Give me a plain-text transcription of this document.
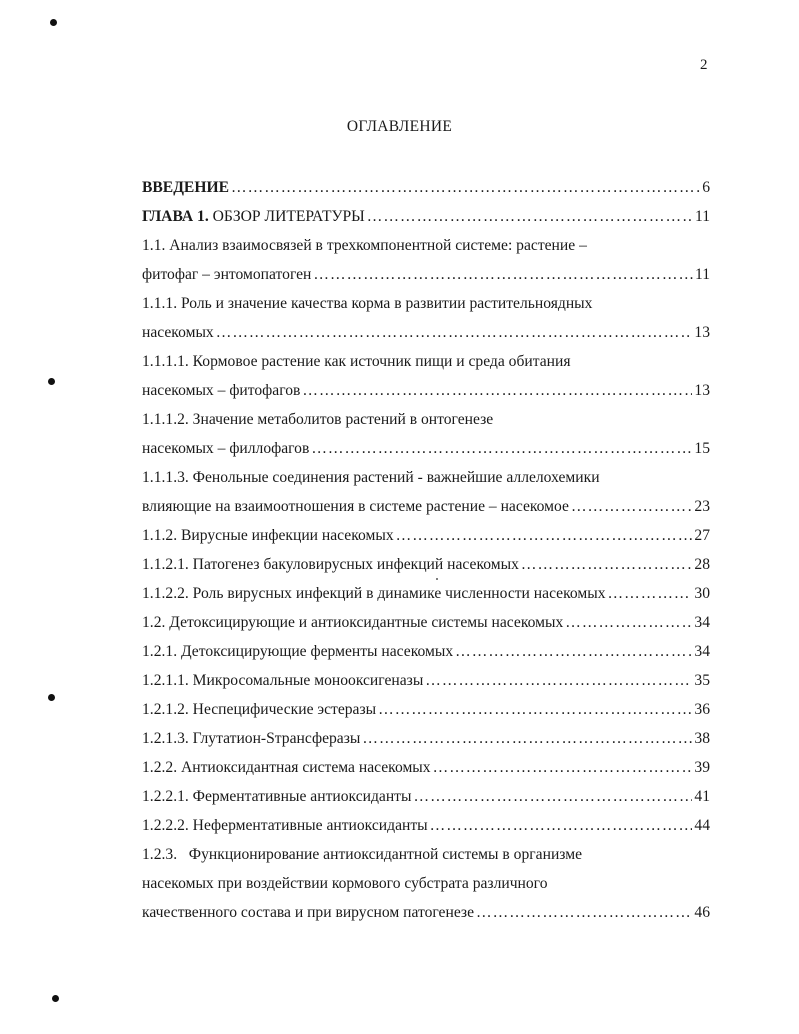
2
ОГЛАВЛЕНИЕ
ВВЕДЕНИЕ ……………………………………………………………………………………………………………………………………………	6
ГЛАВА 1. ОБЗОР ЛИТЕРАТУРЫ ……………………………………………………………………………………………………………………………………………	11
1.1. Анализ взаимосвязей в трехкомпонентной системе: растение –
фитофаг – энтомопатоген ……………………………………………………………………………………………………………………………………………	11
1.1.1. Роль и значение качества корма в развитии растительноядных
насекомых ……………………………………………………………………………………………………………………………………………	13
1.1.1.1. Кормовое растение как источник пищи и среда обитания
насекомых – фитофагов ……………………………………………………………………………………………………………………………………………	13
1.1.1.2. Значение метаболитов растений в онтогенезе
насекомых – филлофагов ……………………………………………………………………………………………………………………………………………	15
1.1.1.3. Фенольные соединения растений - важнейшие аллелохемики
влияющие на взаимоотношения в системе растение – насекомое ……………………………………………………………………………………………………………………………………………	23
1.1.2. Вирусные инфекции насекомых ……………………………………………………………………………………………………………………………………………	27
1.1.2.1. Патогенез бакуловирусных инфекций насекомых ……………………………………………………………………………………………………………………………………………	28
1.1.2.2. Роль вирусных инфекций в динамике численности насекомых ……………………………………………………………………………………………………………………………………………	30
1.2. Детоксицирующие и антиоксидантные системы насекомых ……………………………………………………………………………………………………………………………………………	34
1.2.1. Детоксицирующие ферменты насекомых ……………………………………………………………………………………………………………………………………………	34
1.2.1.1. Микросомальные монооксигеназы ……………………………………………………………………………………………………………………………………………	35
1.2.1.2. Неспецифические эстеразы ……………………………………………………………………………………………………………………………………………	36
1.2.1.3. Глутатион-Sтрансферазы ……………………………………………………………………………………………………………………………………………	38
1.2.2. Антиоксидантная система насекомых ……………………………………………………………………………………………………………………………………………	39
1.2.2.1. Ферментативные антиоксиданты ……………………………………………………………………………………………………………………………………………	41
1.2.2.2. Неферментативные антиоксиданты ……………………………………………………………………………………………………………………………………………	44
1.2.3.   Функционирование антиоксидантной системы в организме
насекомых при воздействии кормового субстрата различного
качественного состава и при вирусном патогенезе ……………………………………………………………………………………………………………………………………………	46
